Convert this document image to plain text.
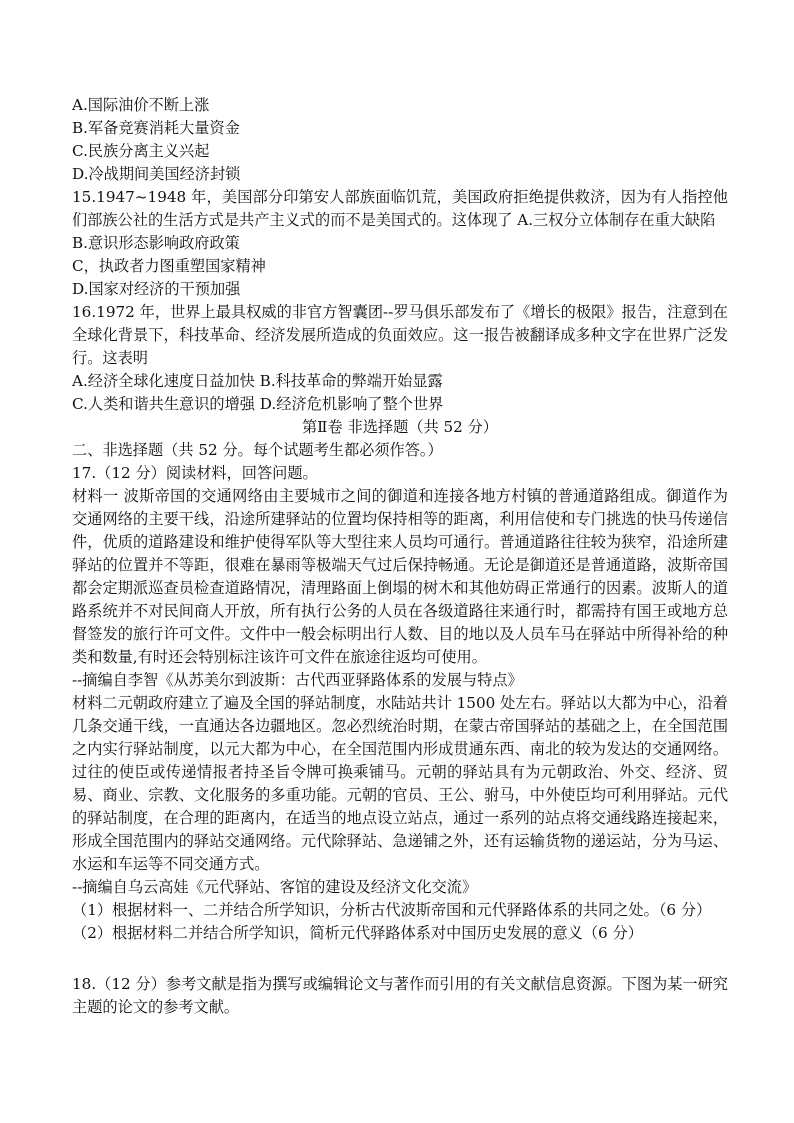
A.国际油价不断上涨
B.军备竞赛消耗大量资金
C.民族分离主义兴起
D.冷战期间美国经济封锁
15.1947~1948 年，美国部分印第安人部族面临饥荒，美国政府拒绝提供救济，因为有人指控他们部族公社的生活方式是共产主义式的而不是美国式的。这体现了 A.三权分立体制存在重大缺陷
B.意识形态影响政府政策
C，执政者力图重塑国家精神
D.国家对经济的干预加强
16.1972 年，世界上最具权威的非官方智囊团--罗马俱乐部发布了《增长的极限》报告，注意到在全球化背景下，科技革命、经济发展所造成的负面效应。这一报告被翻译成多种文字在世界广泛发行。这表明
A.经济全球化速度日益加快 B.科技革命的弊端开始显露
C.人类和谐共生意识的增强 D.经济危机影响了整个世界
第Ⅱ卷 非选择题（共 52 分）
二、非选择题（共 52 分。每个试题考生都必须作答。）
17.（12 分）阅读材料，回答问题。
材料一 波斯帝国的交通网络由主要城市之间的御道和连接各地方村镇的普通道路组成。御道作为交通网络的主要干线，沿途所建驿站的位置均保持相等的距离，利用信使和专门挑选的快马传递信件，优质的道路建设和维护使得军队等大型往来人员均可通行。普通道路往往较为狭窄，沿途所建驿站的位置并不等距，很难在暴雨等极端天气过后保持畅通。无论是御道还是普通道路，波斯帝国都会定期派巡查员检查道路情况，清理路面上倒塌的树木和其他妨碍正常通行的因素。波斯人的道路系统并不对民间商人开放，所有执行公务的人员在各级道路往来通行时，都需持有国王或地方总督签发的旅行许可文件。文件中一般会标明出行人数、目的地以及人员车马在驿站中所得补给的种类和数量,有时还会特别标注该许可文件在旅途往返均可使用。
--摘编自李智《从苏美尔到波斯：古代西亚驿路体系的发展与特点》
材料二元朝政府建立了遍及全国的驿站制度，水陆站共计 1500 处左右。驿站以大都为中心，沿着几条交通干线，一直通达各边疆地区。忽必烈统治时期，在蒙古帝国驿站的基础之上，在全国范围之内实行驿站制度，以元大都为中心，在全国范围内形成贯通东西、南北的较为发达的交通网络。过往的使臣或传递情报者持圣旨令牌可换乘铺马。元朝的驿站具有为元朝政治、外交、经济、贸易、商业、宗教、文化服务的多重功能。元朝的官员、王公、驸马，中外使臣均可利用驿站。元代的驿站制度，在合理的距离内，在适当的地点设立站点，通过一系列的站点将交通线路连接起来，形成全国范围内的驿站交通网络。元代除驿站、急递铺之外，还有运输货物的递运站，分为马运、水运和车运等不同交通方式。
--摘编自乌云高娃《元代驿站、客馆的建设及经济文化交流》
（1）根据材料一、二并结合所学知识，分析古代波斯帝国和元代驿路体系的共同之处。（6 分）
（2）根据材料二并结合所学知识，简析元代驿路体系对中国历史发展的意义（6 分）
18.（12 分）参考文献是指为撰写或编辑论文与著作而引用的有关文献信息资源。下图为某一研究主题的论文的参考文献。
